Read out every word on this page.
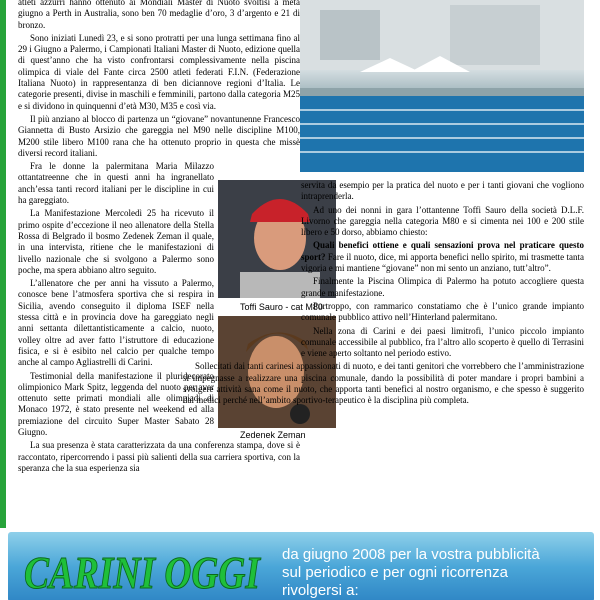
atleti azzurri hanno ottenuto ai Mondiali Master di Nuoto svoltisi a metà giugno a Perth in Australia, sono ben 70 medaglie d’oro, 3 d’argento e 21 di bronzo.

Sono iniziati Lunedì 23, e si sono protratti per una lunga settimana fino al 29 i Giugno a Palermo, i Campionati Italiani Master di Nuoto, edizione quella di quest’anno che ha visto confrontarsi complessivamente nella piscina olimpica di viale del Fante circa 2500 atleti federati F.I.N. (Federazione Italiana Nuoto) in rappresentanza di ben diciannove regioni d’Italia. Le categorie presenti, divise in maschili e femminili, partono dalla categoria M25 e si dividono in quinquenni d’età M30, M35 e così via.

Il più anziano al blocco di partenza un “giovane” novantunenne Francesco Giannetta di Busto Arsizio che gareggia nel M90 nelle discipline M100, M200 stile libero M100 rana che ha ottenuto proprio in questa che missè diversi record italiani.

Fra le donne la palermitana Maria Milazzo ottantatreenne che in questi anni ha ingranellato anch’essa tanti record italiani per le discipline in cui ha gareggiato.

La Manifestazione Mercoledì 25 ha ricevuto il primo ospite d’eccezione il neo allenatore della Stella Rossa di Belgrado il bosmo Zedenek Zeman il quale, in una intervista, ritiene che le manifestazioni di livello nazionale che si svolgono a Palermo sono poche, ma spera abbiano altro seguito.

L’allenatore che per anni ha vissuto a Palermo, conosce bene l’atmosfera sportiva che si respira in Sicilia, avendo conseguito il diploma ISEF nella stessa città e in provincia dove ha gareggiato negli anni settanta dilettantisticamente a calcio, nuoto, volley oltre ad aver fatto l’istruttore di educazione fisica, e si è esibito nel calcio per qualche tempo anche al campo Agliastrelli di Carini.

Testimonial della manifestazione il pluridecorato olimpionico Mark Spitz, leggenda del nuoto per aver ottenuto sette primati mondiali alle olimpiadi di Monaco 1972, è stato presente nel weekend ed alla premiazione del circuito Super Master Sabato 28 Giugno.

La sua presenza è stata caratterizzata da una conferenza stampa, dove si è raccontato, ripercorrendo i passi più salienti della sua carriera sportiva, con la speranza che la sua esperienza sia

Toffi Sauro - cat M80
Zedenek Zeman

servita da esempio per la pratica del nuoto e per i tanti giovani che vogliono intraprenderla.

Ad uno dei nonni in gara l’ottantenne Toffi Sauro della società D.L.F. Livorno che gareggia nella categoria M80 e si cimenta nei 100 e 200 stile libero e 50 dorso, abbiamo chiesto:

Quali benefici ottiene e quali sensazioni prova nel praticare questo sport? Fare il nuoto, dice, mi apporta benefici nello spirito, mi trasmette tanta vigoria e mi mantiene “giovane” non mi sento un anziano, tutt’altro”.

Finalmente la Piscina Olimpica di Palermo ha potuto accogliere questa grande manifestazione.

Purtroppo, con rammarico constatiamo che è l’unico grande impianto comunale pubblico attivo nell’Hinterland palermitano.

Nella zona di Carini e dei paesi limitrofi, l’unico piccolo impianto comunale accessibile al pubblico, fra l’altro allo scoperto è quello di Terrasini e viene aperto soltanto nel periodo estivo.

Sollecitati dai tanti carinesi appassionati di nuoto, e dei tanti genitori che vorrebbero che l’amministrazione si impegnasse a realizzare una piscina comunale, dando la possibilità di poter mandare i propri bambini a svolgere attività sana come il nuoto, che apporta tanti benefici al nostro organismo, e che spesso è suggerito dai medici perché nell’ambito sportivo-terapeutico è la disciplina più completa.

CARINI OGGI da giugno 2008 per la vostra pubblicità
sul periodico e per ogni ricorrenza
rivolgersi a:
